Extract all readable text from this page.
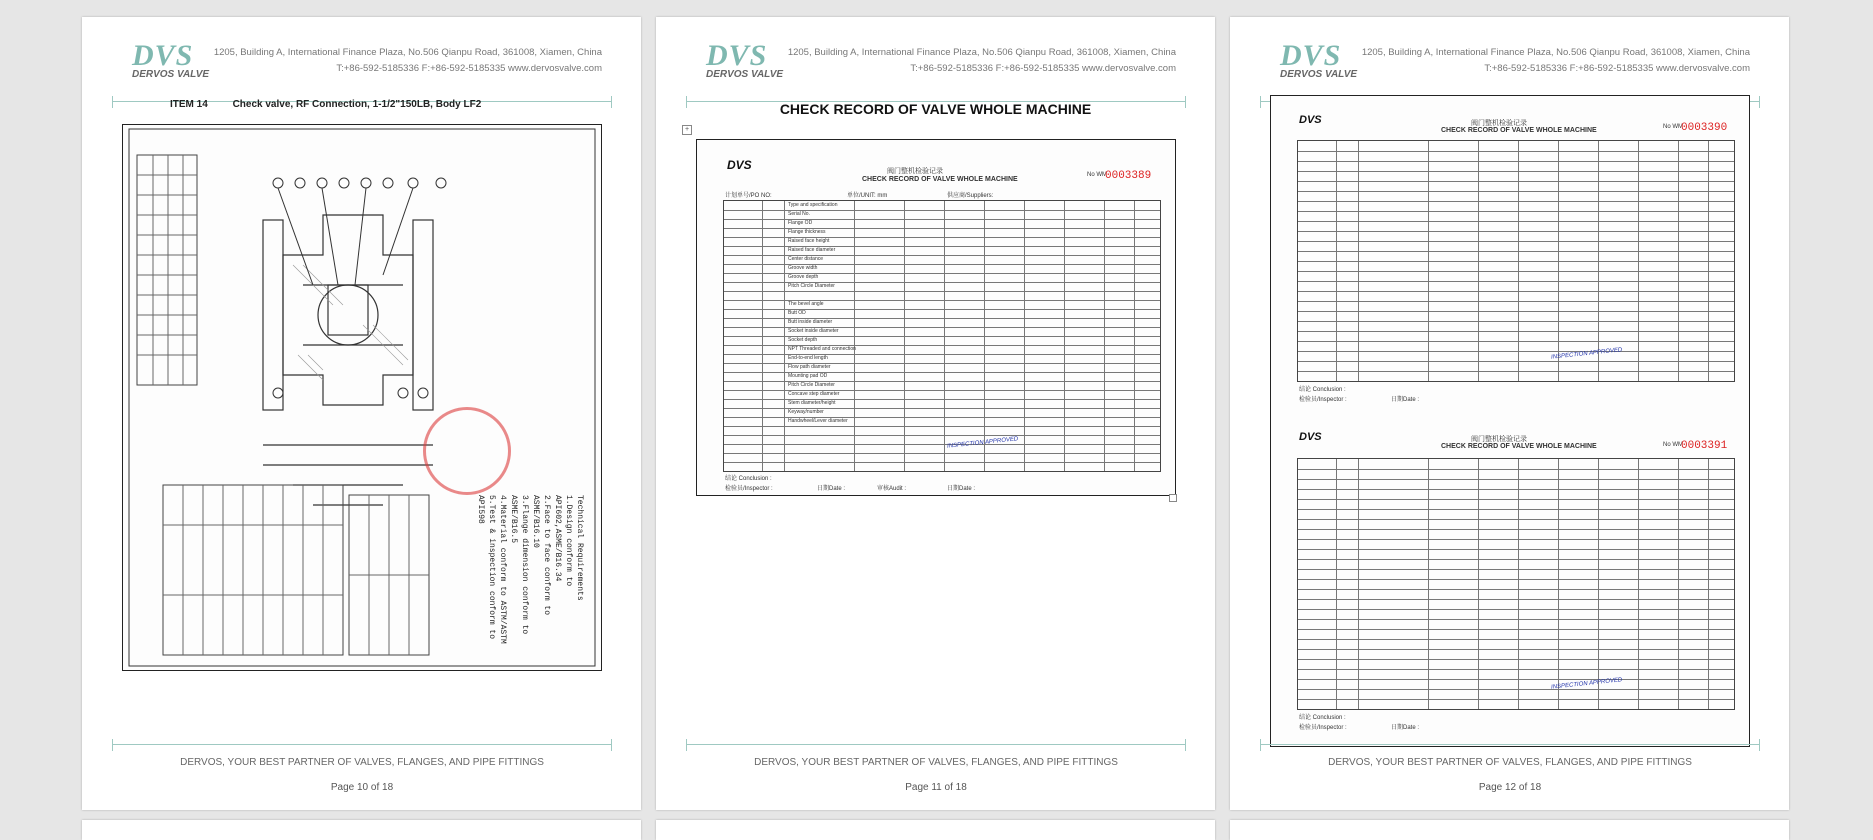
DVS
DERVOS VALVE
1205, Building A, International Finance Plaza, No.506 Qianpu Road, 361008, Xiamen, China
T:+86-592-5185336 F:+86-592-5185335 www.dervosvalve.com
ITEM 14 Check valve, RF Connection, 1-1/2"150LB, Body LF2
Technical Requirements
1.Design conform to API602,ASME/B16.34
2.Face to face conform to ASME/B16.10
3.Flange dimension conform to ASME/B16.5
4.Material conform to ASTM/ASTM
5.Test & inspection conform to API598
DERVOS, YOUR BEST PARTNER OF VALVES, FLANGES, AND PIPE FITTINGS
Page 10 of 18
DVS
DERVOS VALVE
1205, Building A, International Finance Plaza, No.506 Qianpu Road, 361008, Xiamen, China
T:+86-592-5185336 F:+86-592-5185335 www.dervosvalve.com
CHECK RECORD OF VALVE WHOLE MACHINE
+
DVS	阀门整机检验记录
CHECK RECORD OF VALVE WHOLE MACHINE
No WM
0003389
计划单号/PO NO:	单位/UNIT: mm	供应商/Suppliers:
Type and specification
Serial No.
Flange OD
Flange thickness
Raised face height
Raised face diameter
Center distance
Groove width
Groove depth
Pitch Circle Diameter
The bevel angle
Butt OD
Butt inside diameter
Socket inside diameter
Socket depth
NPT Threaded and connection
End-to-end length
Flow path diameter
Mounting pad OD
Pitch Circle Diameter
Concave step diameter
Stem diameter/height
Keyway/number
Handwheel/Lever diameter
INSPECTION APPROVED
结论 Conclusion :
检验员/Inspector :	日期Date :	审核Audit :	日期Date :
DERVOS, YOUR BEST PARTNER OF VALVES, FLANGES, AND PIPE FITTINGS
Page 11 of 18
DVS
DERVOS VALVE
1205, Building A, International Finance Plaza, No.506 Qianpu Road, 361008, Xiamen, China
T:+86-592-5185336 F:+86-592-5185335 www.dervosvalve.com
DVS	阀门整机检验记录
CHECK RECORD OF VALVE WHOLE MACHINE	No WM
0003390
INSPECTION APPROVED
结论 Conclusion :
检验员/Inspector :	日期Date :
DVS	阀门整机检验记录
CHECK RECORD OF VALVE WHOLE MACHINE	No WM
0003391
INSPECTION APPROVED
结论 Conclusion :
检验员/Inspector :	日期Date :
DERVOS, YOUR BEST PARTNER OF VALVES, FLANGES, AND PIPE FITTINGS
Page 12 of 18
